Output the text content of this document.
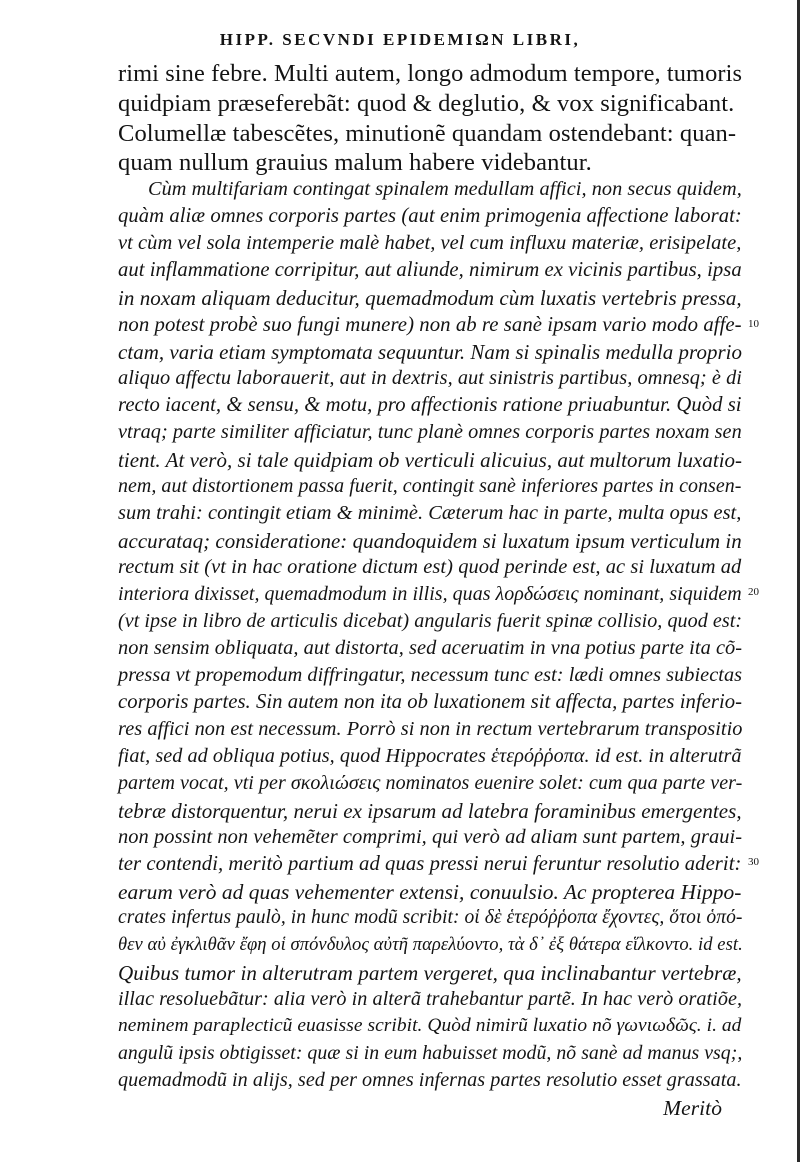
HIPP. SECVNDI EPIDEMIΩN LIBRI,
rimi sine febre. Multi autem, longo admodum tempore, tumoris
quidpiam præseferebãt: quod & deglutio, & vox significabant.
Columellæ tabescẽtes, minutionẽ quandam ostendebant: quan-
quam nullum grauius malum habere videbantur.
Cùm multifariam contingat spinalem medullam affici, non secus quidem,
quàm aliæ omnes corporis partes (aut enim primogenia affectione laborat:
vt cùm vel sola intemperie malè habet, vel cum influxu materiæ, erisipelate,
aut inflammatione corripitur, aut aliunde, nimirum ex vicinis partibus, ipsa
in noxam aliquam deducitur, quemadmodum cùm luxatis vertebris pressa,
non potest probè suo fungi munere) non ab re sanè ipsam vario modo affe-
ctam, varia etiam symptomata sequuntur. Nam si spinalis medulla proprio
aliquo affectu laborauerit, aut in dextris, aut sinistris partibus, omnesq; è di
recto iacent, & sensu, & motu, pro affectionis ratione priuabuntur. Quòd si
vtraq; parte similiter afficiatur, tunc planè omnes corporis partes noxam sen
tient. At verò, si tale quidpiam ob verticuli alicuius, aut multorum luxatio-
nem, aut distortionem passa fuerit, contingit sanè inferiores partes in consen-
sum trahi: contingit etiam & minimè. Cæterum hac in parte, multa opus est,
accurataq; consideratione: quandoquidem si luxatum ipsum verticulum in
rectum sit (vt in hac oratione dictum est) quod perinde est, ac si luxatum ad
interiora dixisset, quemadmodum in illis, quas λορδώσεις nominant, siquidem
(vt ipse in libro de articulis dicebat) angularis fuerit spinæ collisio, quod est:
non sensim obliquata, aut distorta, sed aceruatim in vna potius parte ita cõ-
pressa vt propemodum diffringatur, necessum tunc est: lædi omnes subiectas
corporis partes. Sin autem non ita ob luxationem sit affecta, partes inferio-
res affici non est necessum. Porrò si non in rectum vertebrarum transpositio
fiat, sed ad obliqua potius, quod Hippocrates ἑτερόῤῥοπα. id est. in alterutrã
partem vocat, vti per σκολιώσεις nominatos euenire solet: cum qua parte ver-
tebræ distorquentur, nerui ex ipsarum ad latebra foraminibus emergentes,
non possint non vehemẽter comprimi, qui verò ad aliam sunt partem, graui-
ter contendi, meritò partium ad quas pressi nerui feruntur resolutio aderit:
earum verò ad quas vehementer extensi, conuulsio. Ac propterea Hippo-
crates infertus paulò, in hunc modũ scribit: οἱ δὲ ἑτερόῤῥοπα ἔχοντες, ὅτοι ὁπό-
θεν αὐ ἐγκλιθᾶν ἔφη οἱ σπόνδυλος αὐτῆ παρελύοντο, τὰ δ᾽ ἐξ θάτερα εἵλκοντο. id est.
Quibus tumor in alterutram partem vergeret, qua inclinabantur vertebræ,
illac resoluebãtur: alia verò in alterã trahebantur partẽ. In hac verò oratiõe,
neminem paraplecticũ euasisse scribit. Quòd nimirũ luxatio nõ γωνιωδῶς. i. ad
angulũ ipsis obtigisset: quæ si in eum habuisset modũ, nõ sanè ad manus vsq;,
quemadmodũ in alijs, sed per omnes infernas partes resolutio esset grassata.
Meritò
10
20
30
